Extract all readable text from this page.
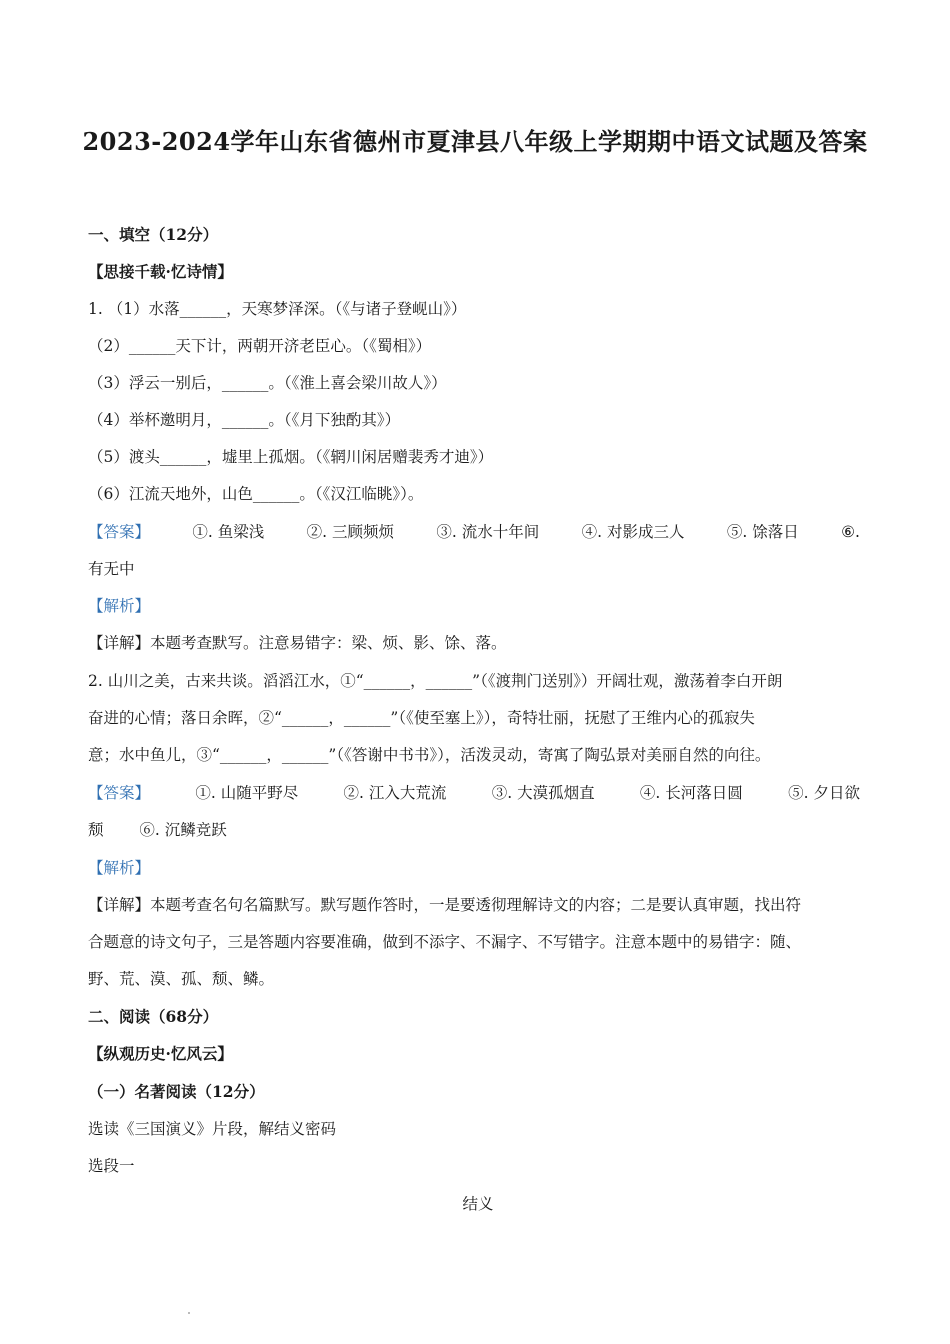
2023-2024学年山东省德州市夏津县八年级上学期期中语文试题及答案
一、填空（12分）
【思接千载·忆诗情】
1. （1）水落______，天寒梦泽深。（《与诸子登岘山》）
（2）______天下计，两朝开济老臣心。（《蜀相》）
（3）浮云一别后，______。（《淮上喜会梁川故人》）
（4）举杯邀明月，______。（《月下独酌其》）
（5）渡头______，墟里上孤烟。（《辋川闲居赠裴秀才迪》）
（6）江流天地外，山色______。（《汉江临眺》）。
【答案】	①. 鱼梁浅	②. 三顾频烦	③. 流水十年间	④. 对影成三人	⑤. 馀落日	⑥.
有无中
【解析】
【详解】本题考查默写。注意易错字：梁、烦、影、馀、落。
2. 山川之美，古来共谈。滔滔江水，①“______，______”（《渡荆门送别》）开阔壮观，激荡着李白开朗
奋进的心情；落日余晖，②“______，______”（《使至塞上》），奇特壮丽，抚慰了王维内心的孤寂失
意；水中鱼儿，③“______，______”（《答谢中书书》），活泼灵动，寄寓了陶弘景对美丽自然的向往。
【答案】	①. 山随平野尽	②. 江入大荒流	③. 大漠孤烟直	④. 长河落日圆	⑤. 夕日欲
颓 ⑥. 沉鳞竞跃
【解析】
【详解】本题考查名句名篇默写。默写题作答时，一是要透彻理解诗文的内容；二是要认真审题，找出符
合题意的诗文句子，三是答题内容要准确，做到不添字、不漏字、不写错字。注意本题中的易错字：随、
野、荒、漠、孤、颓、鳞。
二、阅读（68分）
【纵观历史·忆风云】
（一）名著阅读（12分）
选读《三国演义》片段，解结义密码
选段一
结义
